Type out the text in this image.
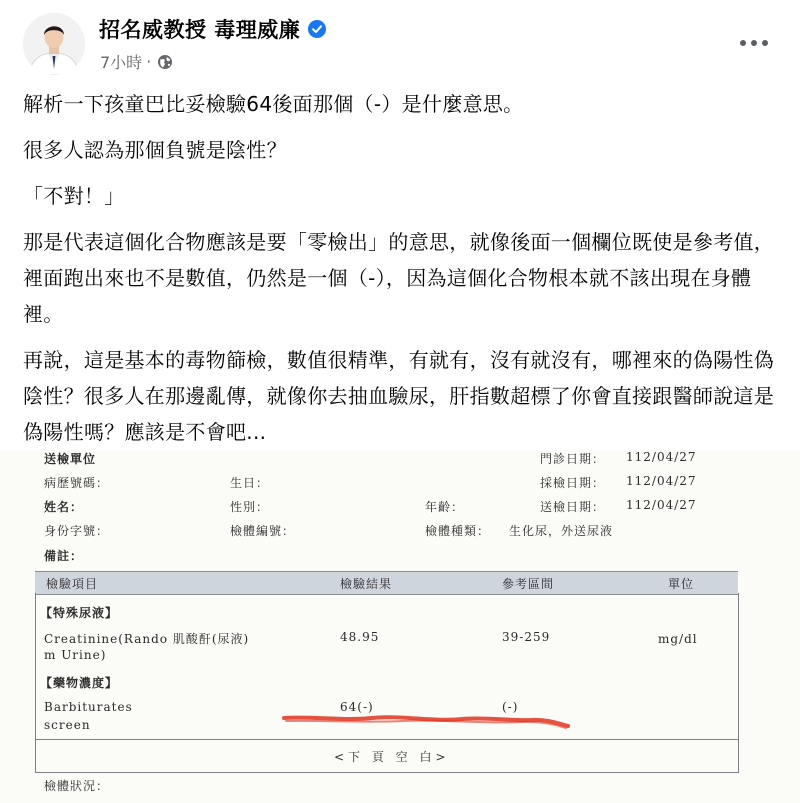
招名威教授 毒理威廉
7小時 ·

解析一下孩童巴比妥檢驗64後面那個（-）是什麼意思。

很多人認為那個負號是陰性？

「不對！」

那是代表這個化合物應該是要「零檢出」的意思，就像後面一個欄位既使是參考值，裡面跑出來也不是數值，仍然是一個（-），因為這個化合物根本就不該出現在身體裡。

再說，這是基本的毒物篩檢，數值很精準，有就有，沒有就沒有，哪裡來的偽陽性偽陰性？很多人在那邊亂傳，就像你去抽血驗尿，肝指數超標了你會直接跟醫師說這是偽陽性嗎？應該是不會吧...

送檢單位	門診日期： 112/04/27
病歷號碼：	生日：	採檢日期： 112/04/27
姓名：	性別：	年齡：	送檢日期： 112/04/27
身份字號：	檢體編號：	檢體種類： 生化尿，外送尿液
備註：
檢驗項目	檢驗結果	參考區間	單位
【特殊尿液】
Creatinine(Rando 肌酸酐(尿液)
m Urine)
48.95	39-259	mg/dl
【藥物濃度】
Barbiturates
screen
64(-)	(-)
<下 頁 空 白>
檢體狀況：
